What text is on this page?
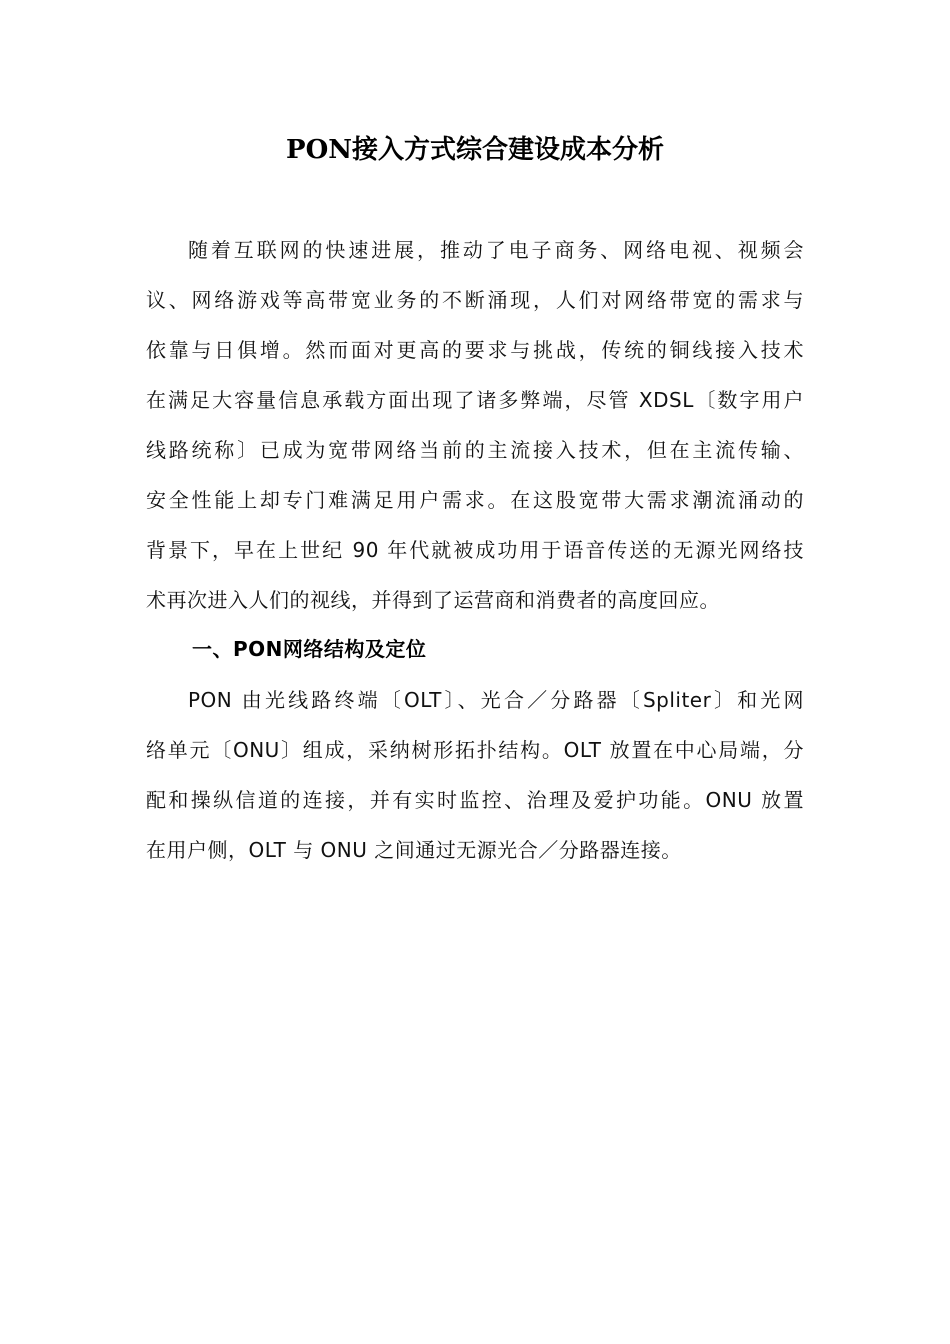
PON接入方式综合建设成本分析
随着互联网的快速进展，推动了电子商务、网络电视、视频会
议、网络游戏等高带宽业务的不断涌现，人们对网络带宽的需求与
依靠与日俱增。然而面对更高的要求与挑战，传统的铜线接入技术
在满足大容量信息承载方面出现了诸多弊端，尽管 XDSL〔数字用户
线路统称〕已成为宽带网络当前的主流接入技术，但在主流传输、
安全性能上却专门难满足用户需求。在这股宽带大需求潮流涌动的
背景下，早在上世纪 90 年代就被成功用于语音传送的无源光网络技
术再次进入人们的视线，并得到了运营商和消费者的高度回应。
一、PON网络结构及定位
PON 由光线路终端〔OLT〕、光合／分路器〔Spliter〕和光网
络单元〔ONU〕组成，采纳树形拓扑结构。OLT 放置在中心局端，分
配和操纵信道的连接，并有实时监控、治理及爱护功能。ONU 放置
在用户侧，OLT 与 ONU 之间通过无源光合／分路器连接。
